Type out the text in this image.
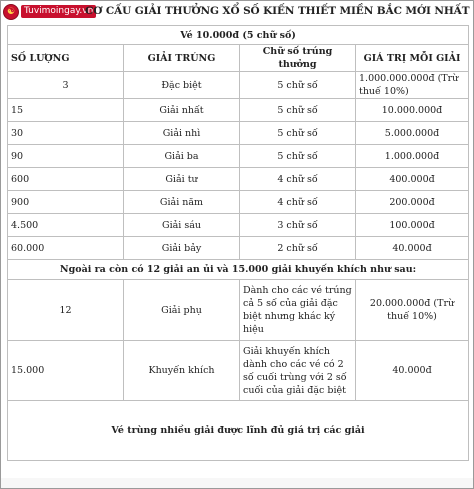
☯ Tuvimoingay.vn
CƠ CẤU GIẢI THƯỞNG XỔ SỐ KIẾN THIẾT MIỀN BẮC MỚI NHẤT
Vé 10.000đ (5 chữ số)			
SỐ LƯỢNG	GIẢI TRÚNG	Chữ số trúng thưởng	GIÁ TRỊ MỖI GIẢI
3	Đặc biệt	5 chữ số	1.000.000.000đ (Trừ thuế 10%)
15	Giải nhất	5 chữ số	10.000.000đ
30	Giải nhì	5 chữ số	5.000.000đ
90	Giải ba	5 chữ số	1.000.000đ
600	Giải tư	4 chữ số	400.000đ
900	Giải năm	4 chữ số	200.000đ
4.500	Giải sáu	3 chữ số	100.000đ
60.000	Giải bảy	2 chữ số	40.000đ
Ngoài ra còn có 12 giải an ủi và 15.000 giải khuyến khích như sau:			
12	Giải phụ	Dành cho các vé trúng cả 5 số của giải đặc biệt nhưng khác ký hiệu	20.000.000đ (Trừ thuế 10%)
15.000	Khuyến khích	Giải khuyến khích dành cho các vé có 2 số cuối trùng với 2 số cuối của giải đặc biệt	40.000đ
Vé trùng nhiều giải được lĩnh đủ giá trị các giải			
